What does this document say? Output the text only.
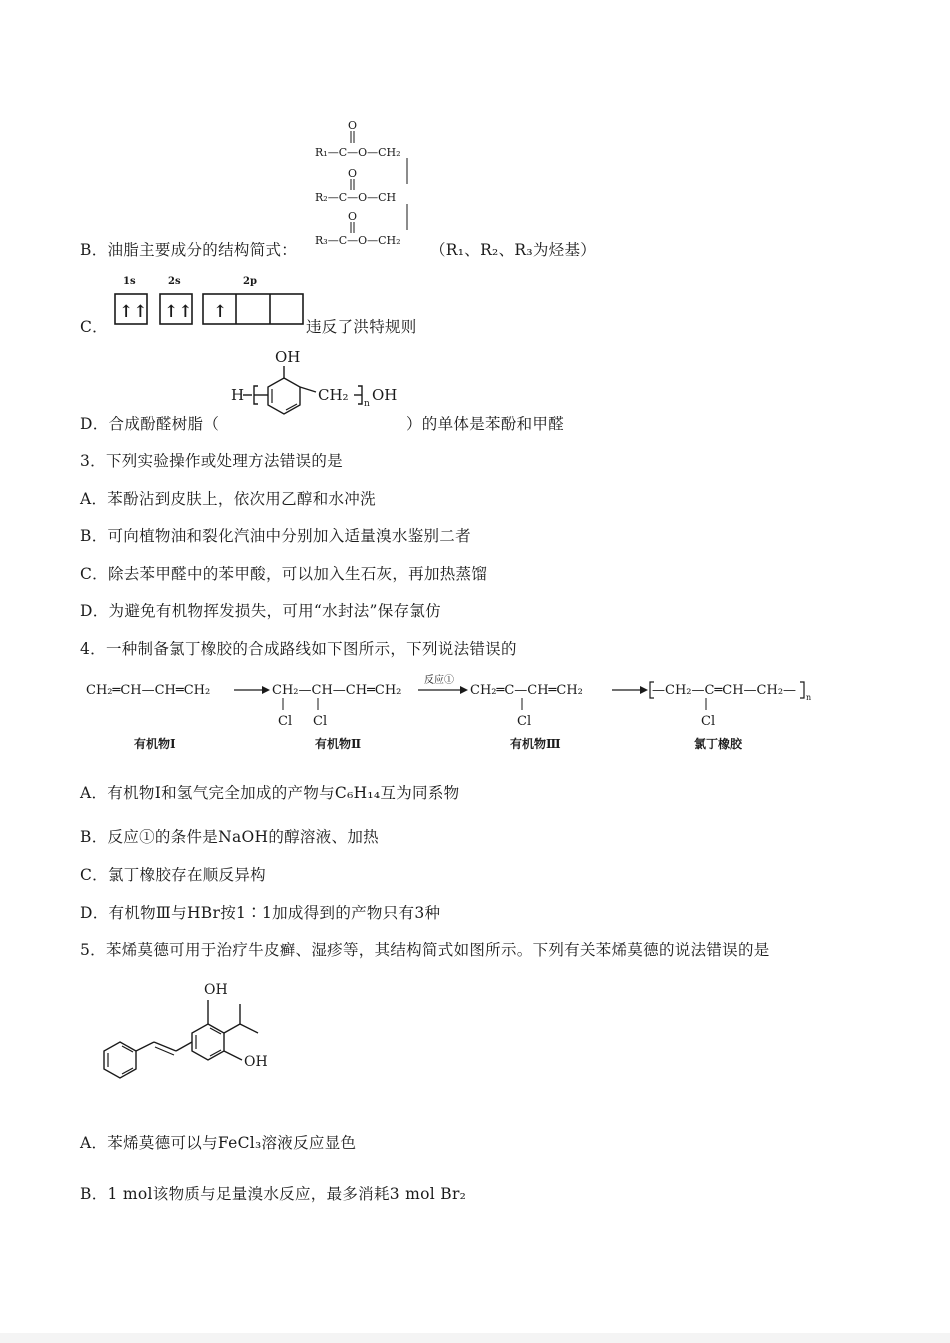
O
R₁—C—O—CH₂
O
R₂—C—O—CH
O
R₃—C—O—CH₂
B．油脂主要成分的结构简式：	（R₁、R₂、R₃为烃基）
1s	2s	2p
↑↑ ↑↑ ↑
C．	违反了洪特规则
OH
H	CH₂ n OH
D．合成酚醛树脂（	）的单体是苯酚和甲醛
3．下列实验操作或处理方法错误的是
A．苯酚沾到皮肤上，依次用乙醇和水冲洗
B．可向植物油和裂化汽油中分别加入适量溴水鉴别二者
C．除去苯甲醛中的苯甲酸，可以加入生石灰，再加热蒸馏
D．为避免有机物挥发损失，可用“水封法”保存氯仿
4．一种制备氯丁橡胶的合成路线如下图所示，下列说法错误的
CH₂═CH—CH═CH₂	CH₂—CH—CH═CH₂
Cl Cl
反应①
CH₂═C—CH═CH₂
Cl
—CH₂—C═CH—CH₂— n
Cl
有机物Ⅰ	有机物Ⅱ	有机物Ⅲ	氯丁橡胶
A．有机物Ⅰ和氢气完全加成的产物与C₆H₁₄互为同系物
B．反应①的条件是NaOH的醇溶液、加热
C．氯丁橡胶存在顺反异构
D．有机物Ⅲ与HBr按1∶1加成得到的产物只有3种
5．苯烯莫德可用于治疗牛皮癣、湿疹等，其结构简式如图所示。下列有关苯烯莫德的说法错误的是
OH
OH
A．苯烯莫德可以与FeCl₃溶液反应显色
B．1 mol该物质与足量溴水反应，最多消耗3 mol Br₂
